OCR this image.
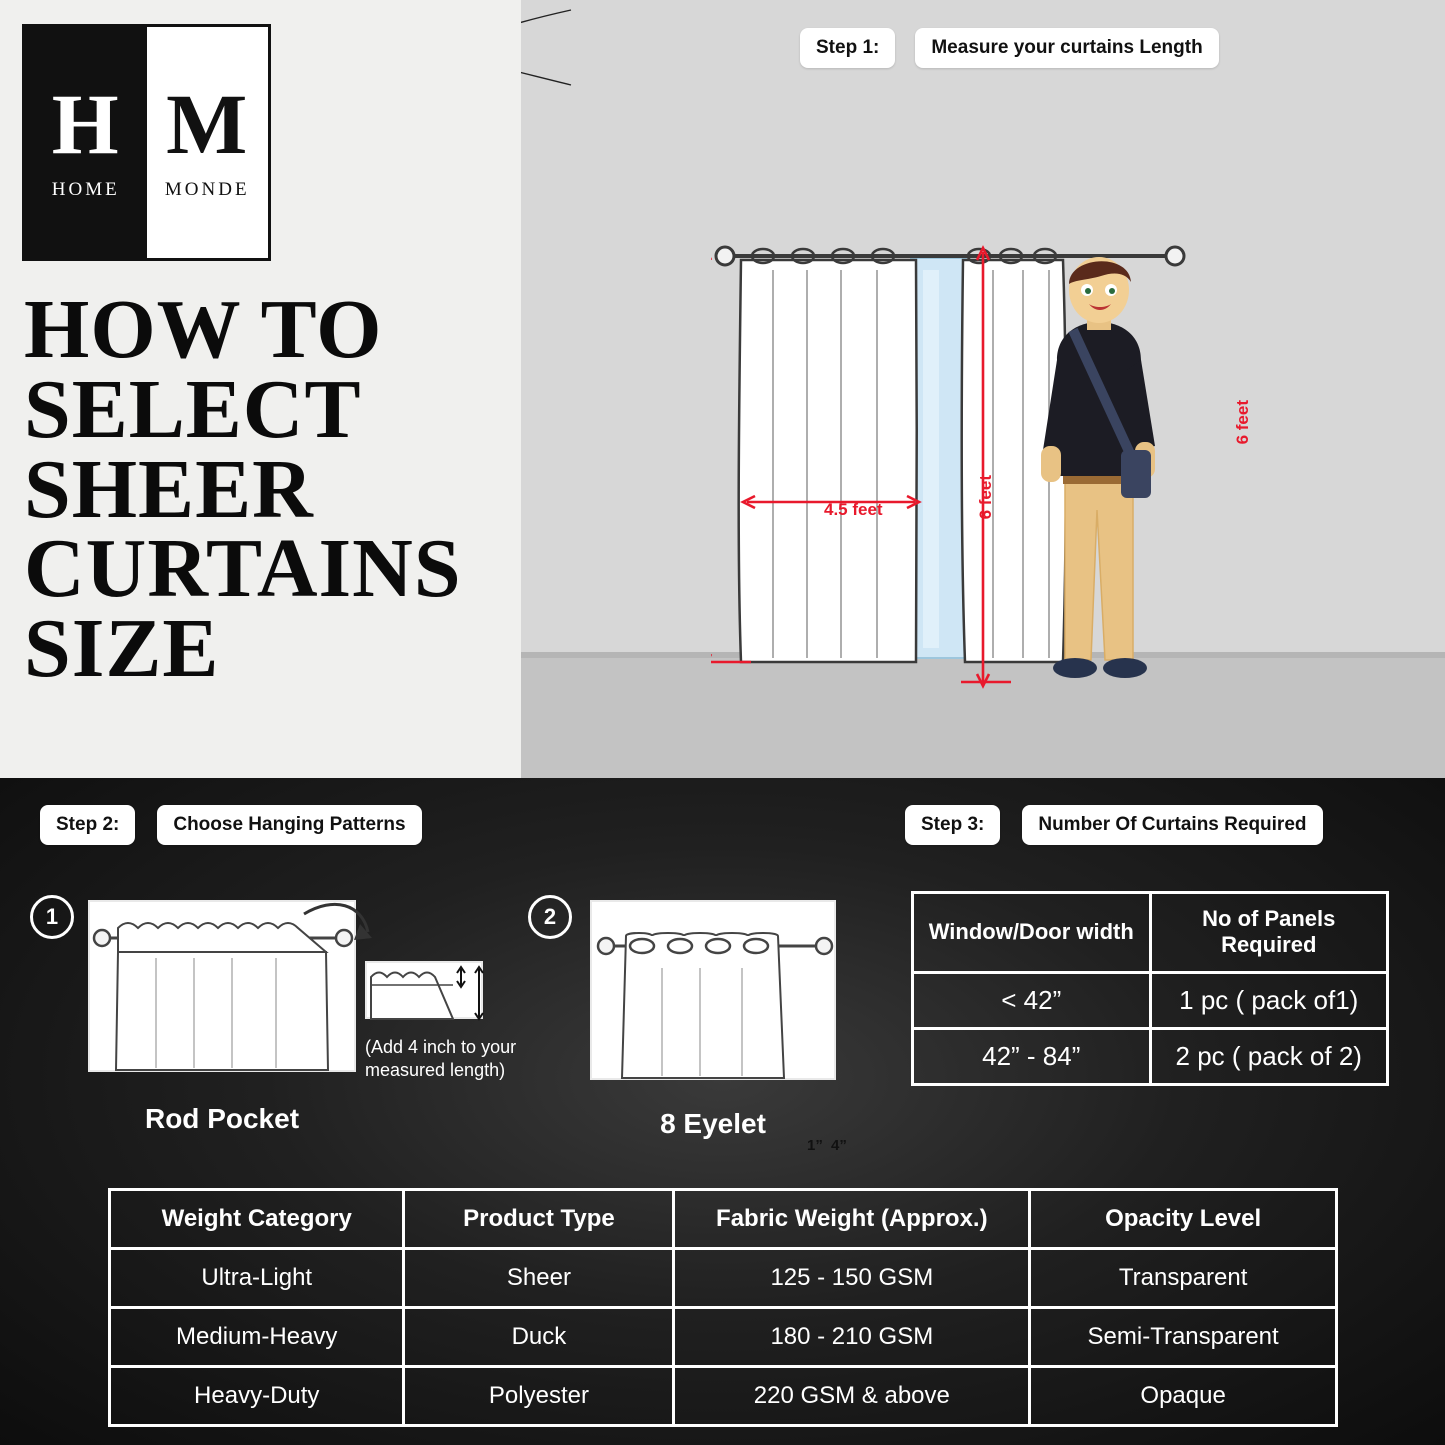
H
HOME
M
MONDE
HOW TO
SELECT
SHEER
CURTAINS
SIZE
Step 1:	Measure your curtains Length
6 feet
4.5 feet	6 feet
Step 2:	Choose Hanging Patterns	Step 3:	Number Of Curtains Required
1
1” 4”
(Add 4 inch to your measured length)
Rod Pocket
2
8 Eyelet
Window/Door width	No of Panels Required
< 42”	1 pc ( pack of1)
42” - 84”	2 pc ( pack of 2)
Weight Category	Product Type	Fabric Weight (Approx.)	Opacity Level
Ultra-Light	Sheer	125 - 150 GSM	Transparent
Medium-Heavy	Duck	180 - 210 GSM	Semi-Transparent
Heavy-Duty	Polyester	220 GSM & above	Opaque
